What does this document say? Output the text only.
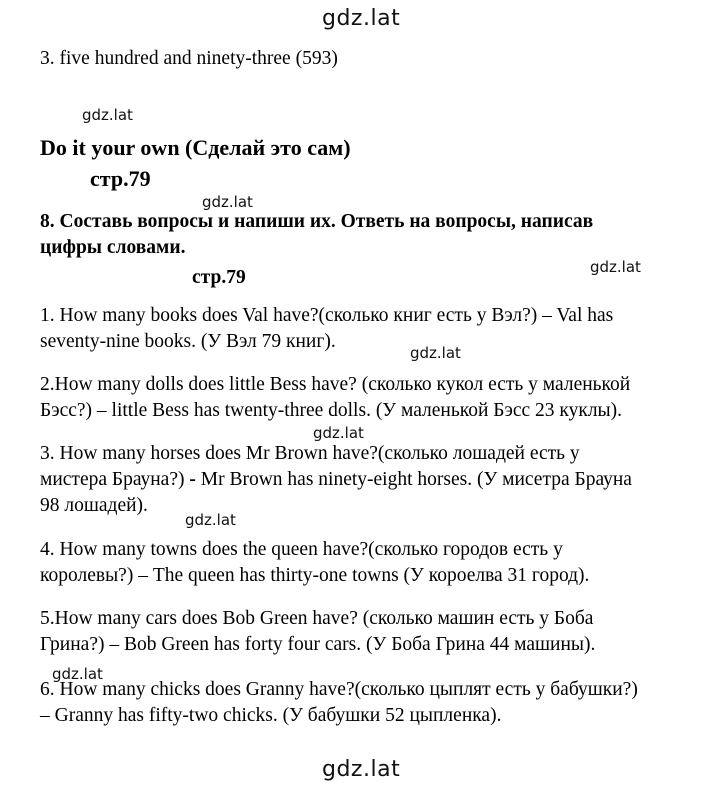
gdz.lat
gdz.lat
gdz.lat
gdz.lat
gdz.lat
gdz.lat
gdz.lat
gdz.lat
gdz.lat
3. five hundred and ninety-three (593)
Do it your own (Сделай это сам)
стр.79
8. Составь вопросы и напиши их. Ответь на вопросы, написав
цифры словами.
стр.79
1. How many books does Val have?(сколько книг есть у Вэл?) – Val has
seventy-nine books. (У Вэл 79 книг).
2.How many dolls does little Bess have? (сколько кукол есть у маленькой
Бэсс?) – little Bess has twenty-three dolls. (У маленькой Бэсс 23 куклы).
3. How many horses does Mr Brown have?(сколько лошадей есть у
мистера Брауна?) - Mr Brown has ninety-eight horses. (У мисетра Брауна
98 лошадей).
4. How many towns does the queen have?(сколько городов есть у
королевы?) – The queen has thirty-one towns (У короелва 31 город).
5.How many cars does Bob Green have? (сколько машин есть у Боба
Грина?) – Bob Green has forty four cars. (У Боба Грина 44 машины).
6. How many chicks does Granny have?(сколько цыплят есть у бабушки?)
– Granny has fifty-two chicks. (У бабушки 52 цыпленка).
